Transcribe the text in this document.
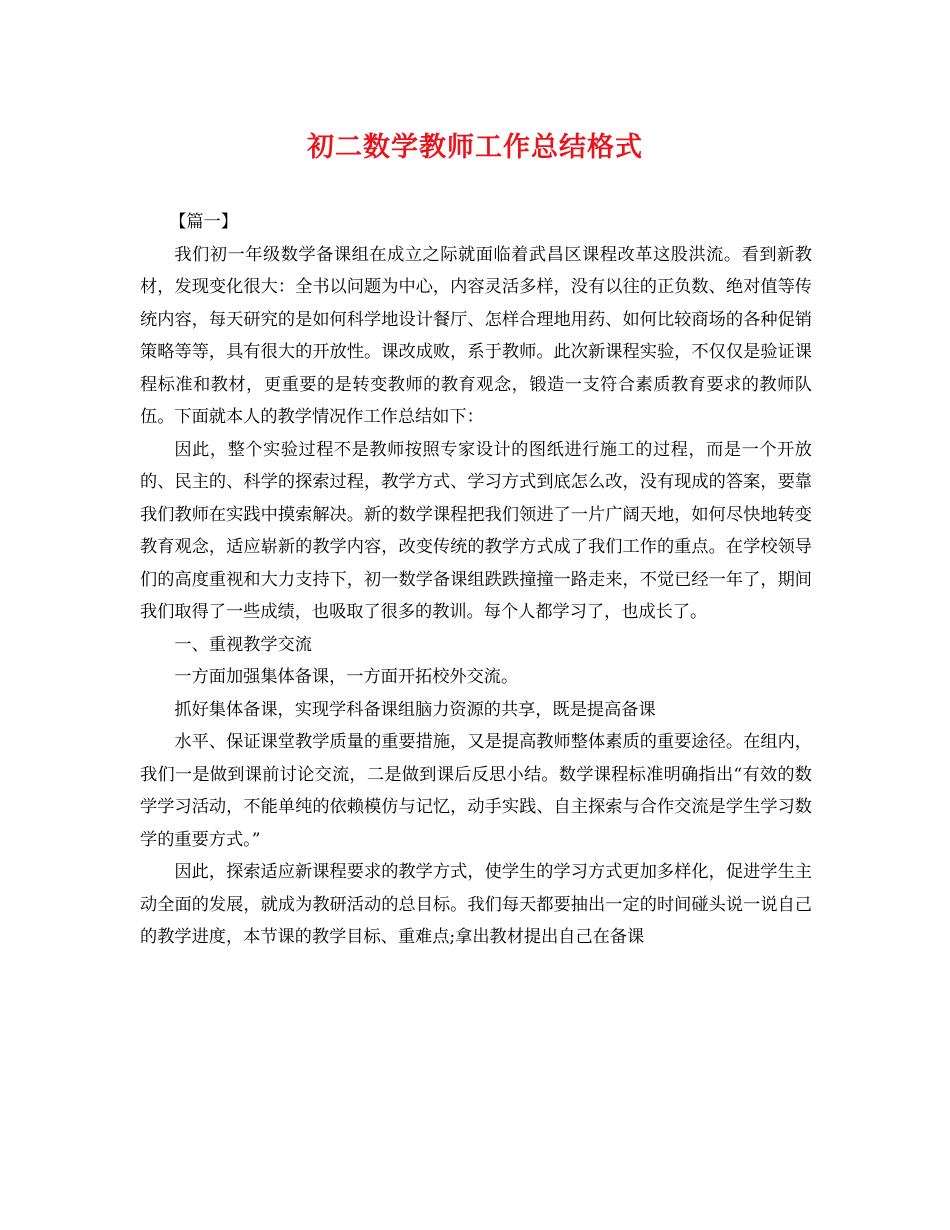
初二数学教师工作总结格式

【篇一】

我们初一年级数学备课组在成立之际就面临着武昌区课程改革这股洪流。看到新教材，发现变化很大：全书以问题为中心，内容灵活多样，没有以往的正负数、绝对值等传统内容，每天研究的是如何科学地设计餐厅、怎样合理地用药、如何比较商场的各种促销策略等等，具有很大的开放性。课改成败，系于教师。此次新课程实验，不仅仅是验证课程标准和教材，更重要的是转变教师的教育观念，锻造一支符合素质教育要求的教师队伍。下面就本人的教学情况作工作总结如下：

因此，整个实验过程不是教师按照专家设计的图纸进行施工的过程，而是一个开放的、民主的、科学的探索过程，教学方式、学习方式到底怎么改，没有现成的答案，要靠我们教师在实践中摸索解决。新的数学课程把我们领进了一片广阔天地，如何尽快地转变教育观念，适应崭新的教学内容，改变传统的教学方式成了我们工作的重点。在学校领导们的高度重视和大力支持下，初一数学备课组跌跌撞撞一路走来，不觉已经一年了，期间我们取得了一些成绩，也吸取了很多的教训。每个人都学习了，也成长了。

一、重视教学交流

一方面加强集体备课，一方面开拓校外交流。

抓好集体备课，实现学科备课组脑力资源的共享，既是提高备课

水平、保证课堂教学质量的重要措施，又是提高教师整体素质的重要途径。在组内，我们一是做到课前讨论交流，二是做到课后反思小结。数学课程标准明确指出“有效的数学学习活动，不能单纯的依赖模仿与记忆，动手实践、自主探索与合作交流是学生学习数学的重要方式。”

因此，探索适应新课程要求的教学方式，使学生的学习方式更加多样化，促进学生主动全面的发展，就成为教研活动的总目标。我们每天都要抽出一定的时间碰头说一说自己的教学进度，本节课的教学目标、重难点;拿出教材提出自己在备课
